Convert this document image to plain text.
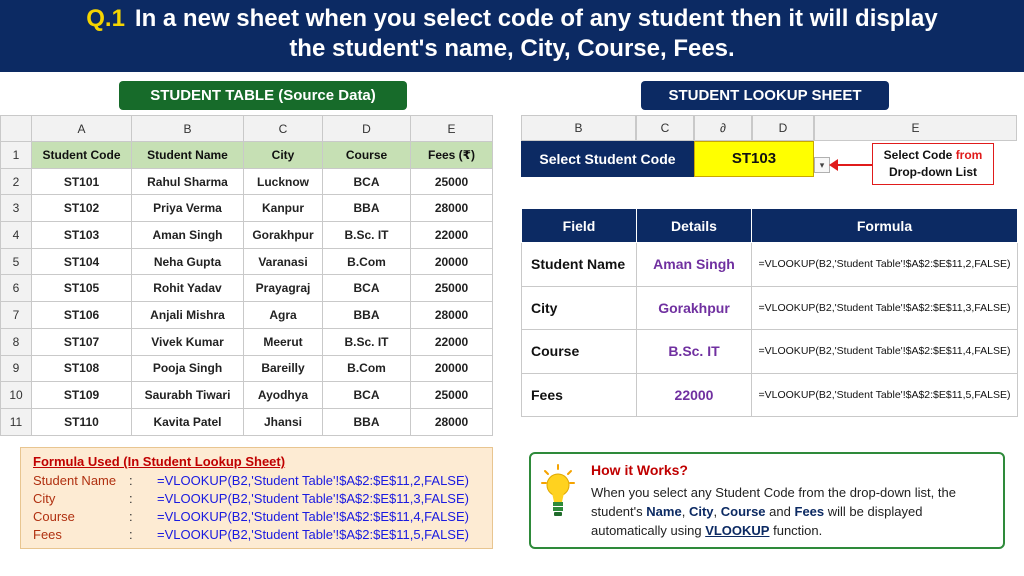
Q.1 In a new sheet when you select code of any student then it will display
the student's name, City, Course, Fees.
STUDENT TABLE (Source Data)	STUDENT LOOKUP SHEET
	A	B	C	D	E
1	Student Code	Student Name	City	Course	Fees (₹)
2	ST101	Rahul Sharma	Lucknow	BCA	25000
3	ST102	Priya Verma	Kanpur	BBA	28000
4	ST103	Aman Singh	Gorakhpur	B.Sc. IT	22000
5	ST104	Neha Gupta	Varanasi	B.Com	20000
6	ST105	Rohit Yadav	Prayagraj	BCA	25000
7	ST106	Anjali Mishra	Agra	BBA	28000
8	ST107	Vivek Kumar	Meerut	B.Sc. IT	22000
9	ST108	Pooja Singh	Bareilly	B.Com	20000
10	ST109	Saurabh Tiwari	Ayodhya	BCA	25000
11	ST110	Kavita Patel	Jhansi	BBA	28000
B	C	∂	D	E
Select Student Code	ST103	▾
Select Code from
Drop-down List
Field	Details	Formula
Student Name	Aman Singh	=VLOOKUP(B2,'Student Table'!$A$2:$E$11,2,FALSE)
City	Gorakhpur	=VLOOKUP(B2,'Student Table'!$A$2:$E$11,3,FALSE)
Course	B.Sc. IT	=VLOOKUP(B2,'Student Table'!$A$2:$E$11,4,FALSE)
Fees	22000	=VLOOKUP(B2,'Student Table'!$A$2:$E$11,5,FALSE)
Formula Used (In Student Lookup Sheet)
Student Name :	=VLOOKUP(B2,'Student Table'!$A$2:$E$11,2,FALSE)
City	:	=VLOOKUP(B2,'Student Table'!$A$2:$E$11,3,FALSE)
Course	:	=VLOOKUP(B2,'Student Table'!$A$2:$E$11,4,FALSE)
Fees	:	=VLOOKUP(B2,'Student Table'!$A$2:$E$11,5,FALSE)
How it Works?
When you select any Student Code from the drop-down list, the student's Name, City, Course and Fees will be displayed automatically using VLOOKUP function.
